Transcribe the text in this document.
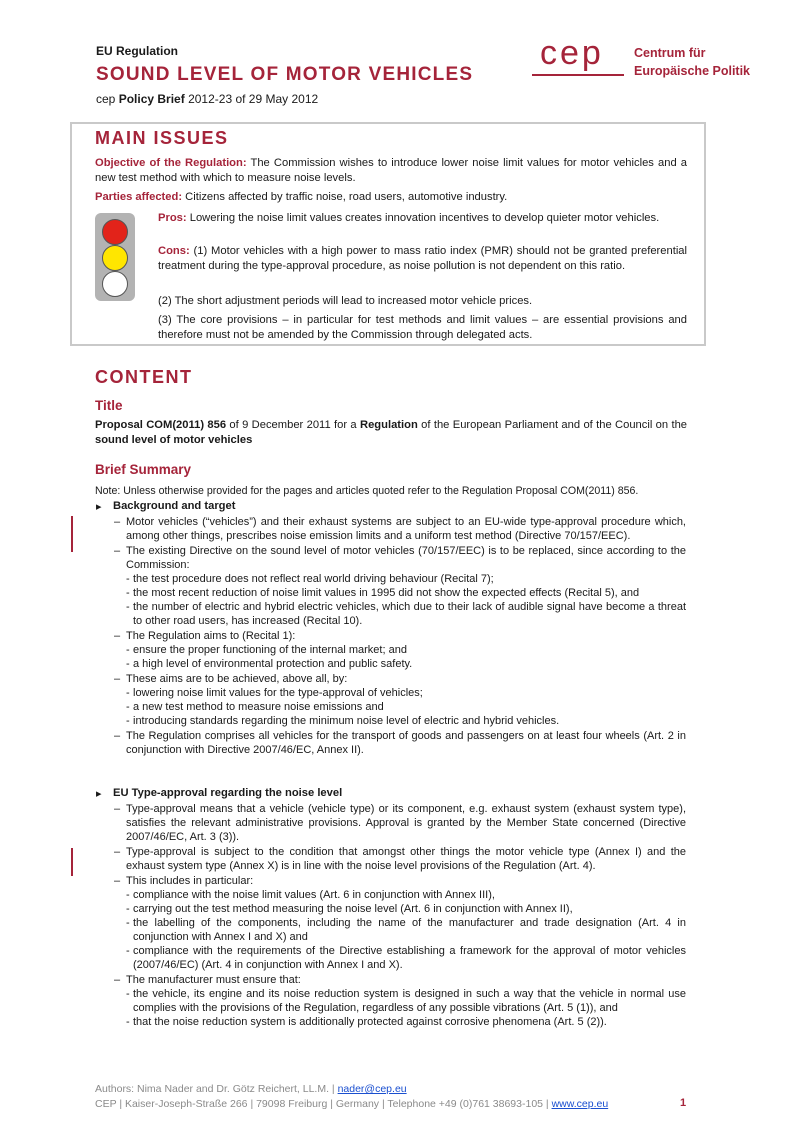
EU Regulation
SOUND LEVEL OF MOTOR VEHICLES
cep Policy Brief 2012-23 of 29 May 2012
cep Centrum für
Europäische Politik
MAIN ISSUES
Objective of the Regulation: The Commission wishes to introduce lower noise limit values for motor vehicles and a new test method with which to measure noise levels.
Parties affected: Citizens affected by traffic noise, road users, automotive industry.
Pros: Lowering the noise limit values creates innovation incentives to develop quieter motor vehicles.
Cons: (1) Motor vehicles with a high power to mass ratio index (PMR) should not be granted preferential treatment during the type-approval procedure, as noise pollution is not dependent on this ratio.
(2) The short adjustment periods will lead to increased motor vehicle prices.
(3) The core provisions – in particular for test methods and limit values – are essential provisions and therefore must not be amended by the Commission through delegated acts.
CONTENT
Title
Proposal COM(2011) 856 of 9 December 2011 for a Regulation of the European Parliament and of the Council on the sound level of motor vehicles
Brief Summary
Note: Unless otherwise provided for the pages and articles quoted refer to the Regulation Proposal COM(2011) 856.
▸ Background and target
– Motor vehicles (“vehicles”) and their exhaust systems are subject to an EU-wide type-approval procedure which, among other things, prescribes noise emission limits and a uniform test method (Directive 70/157/EEC).
– The existing Directive on the sound level of motor vehicles (70/157/EEC) is to be replaced, since according to the Commission:
- the test procedure does not reflect real world driving behaviour (Recital 7);
- the most recent reduction of noise limit values in 1995 did not show the expected effects (Recital 5), and
- the number of electric and hybrid electric vehicles, which due to their lack of audible signal have become a threat to other road users, has increased (Recital 10).
– The Regulation aims to (Recital 1):
- ensure the proper functioning of the internal market; and
- a high level of environmental protection and public safety.
– These aims are to be achieved, above all, by:
- lowering noise limit values for the type-approval of vehicles;
- a new test method to measure noise emissions and
- introducing standards regarding the minimum noise level of electric and hybrid vehicles.
– The Regulation comprises all vehicles for the transport of goods and passengers on at least four wheels (Art. 2 in conjunction with Directive 2007/46/EC, Annex II).
▸ EU Type-approval regarding the noise level
– Type-approval means that a vehicle (vehicle type) or its component, e.g. exhaust system (exhaust system type), satisfies the relevant administrative provisions. Approval is granted by the Member State concerned (Directive 2007/46/EC, Art. 3 (3)).
– Type-approval is subject to the condition that amongst other things the motor vehicle type (Annex I) and the exhaust system type (Annex X) is in line with the noise level provisions of the Regulation (Art. 4).
– This includes in particular:
- compliance with the noise limit values (Art. 6 in conjunction with Annex III),
- carrying out the test method measuring the noise level (Art. 6 in conjunction with Annex II),
- the labelling of the components, including the name of the manufacturer and trade designation (Art. 4 in conjunction with Annex I and X) and
- compliance with the requirements of the Directive establishing a framework for the approval of motor vehicles (2007/46/EC) (Art. 4 in conjunction with Annex I and X).
– The manufacturer must ensure that:
- the vehicle, its engine and its noise reduction system is designed in such a way that the vehicle in normal use complies with the provisions of the Regulation, regardless of any possible vibrations (Art. 5 (1)), and
- that the noise reduction system is additionally protected against corrosive phenomena (Art. 5 (2)).
Authors: Nima Nader and Dr. Götz Reichert, LL.M. | nader@cep.eu
CEP | Kaiser-Joseph-Straße 266 | 79098 Freiburg | Germany | Telephone +49 (0)761 38693-105 | www.cep.eu	1
